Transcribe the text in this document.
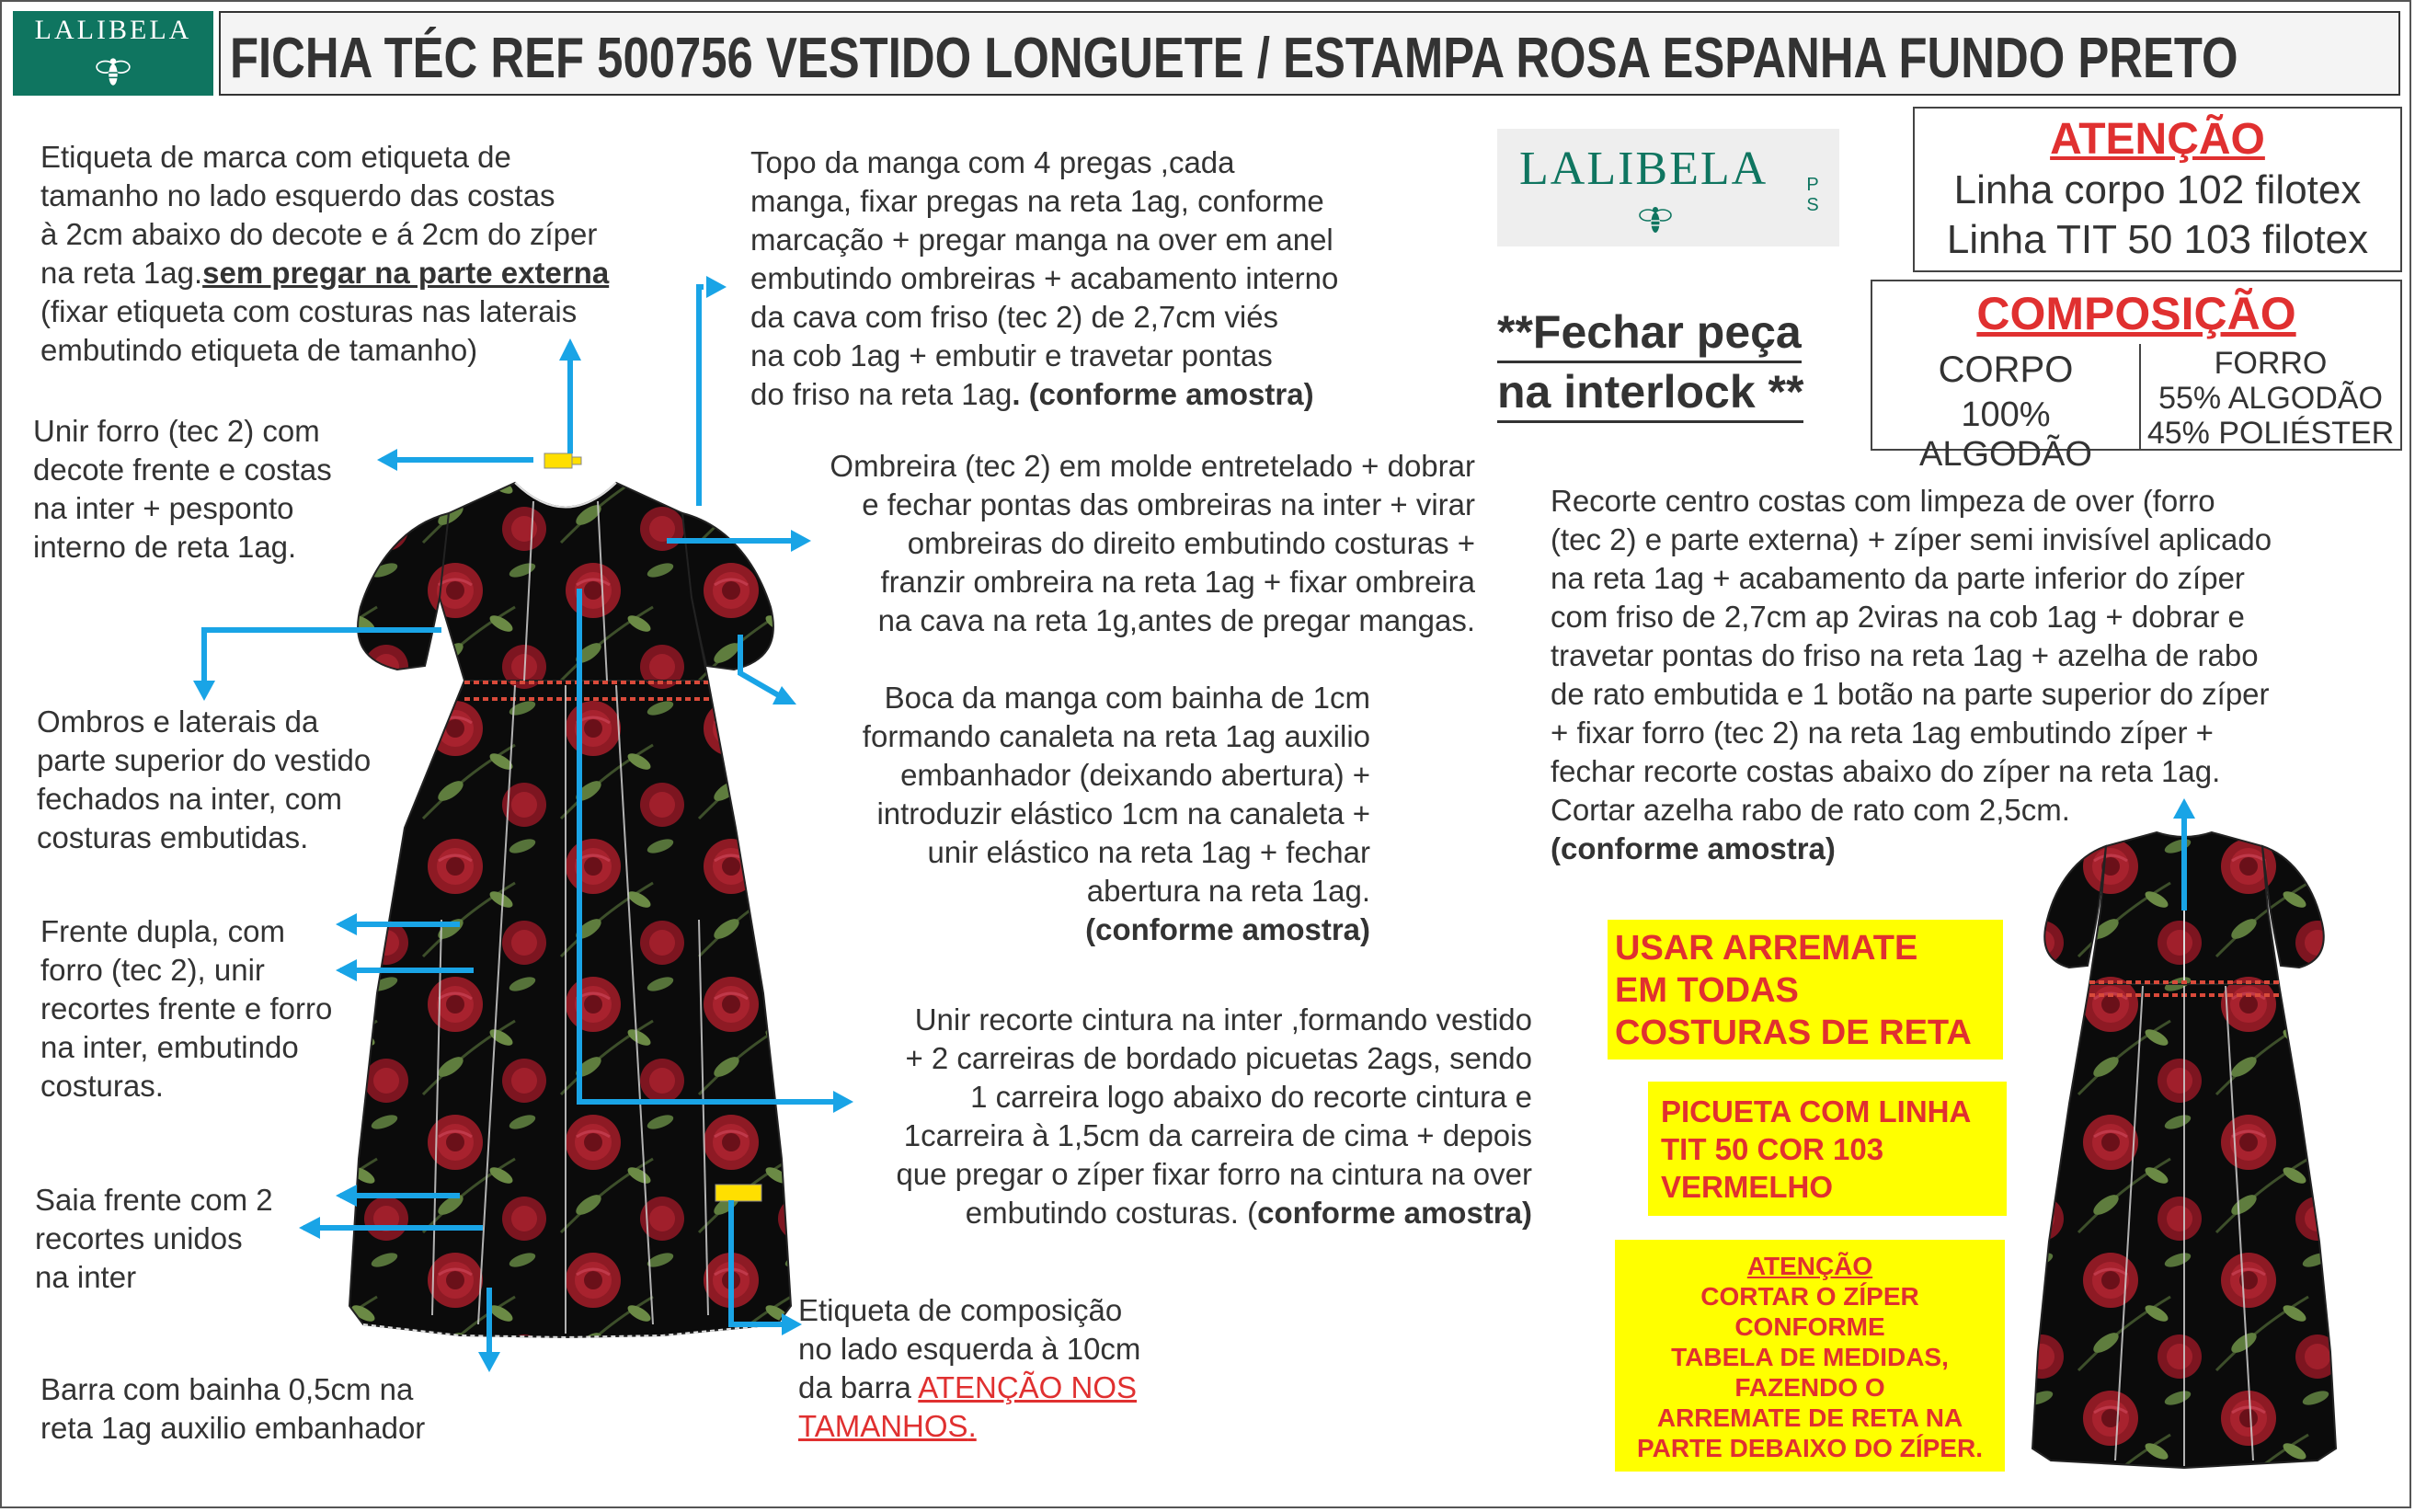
LALIBELA FICHA TÉC REF 500756 VESTIDO LONGUETE / ESTAMPA ROSA ESPANHA FUNDO PRETO
Etiqueta de marca com etiqueta de
tamanho no lado esquerdo das costas
à 2cm abaixo do decote e á 2cm do zíper
na reta 1ag.sem pregar na parte externa
(fixar etiqueta com costuras nas laterais
embutindo etiqueta de tamanho)
Unir forro (tec 2) com
decote frente e costas
na inter + pesponto
interno de reta 1ag.
Ombros e laterais da
parte superior do vestido
fechados na inter, com
costuras embutidas.
Frente dupla, com
forro (tec 2), unir
recortes frente e forro
na inter, embutindo
costuras.
Saia frente com 2
recortes unidos
na inter
Barra com bainha 0,5cm na
reta 1ag auxilio embanhador
Topo da manga com 4 pregas ,cada
manga, fixar pregas na reta 1ag, conforme
marcação + pregar manga na over em anel
embutindo ombreiras + acabamento interno
da cava com friso (tec 2) de 2,7cm viés
na cob 1ag + embutir e travetar pontas
do friso na reta 1ag. (conforme amostra)
Ombreira (tec 2) em molde entretelado + dobrar
e fechar pontas das ombreiras na inter + virar
ombreiras do direito embutindo costuras +
franzir ombreira na reta 1ag + fixar ombreira
na cava na reta 1g,antes de pregar mangas.
Boca da manga com bainha de 1cm
formando canaleta na reta 1ag auxilio
embanhador (deixando abertura) +
introduzir elástico 1cm na canaleta +
unir elástico na reta 1ag + fechar
abertura na reta 1ag.
(conforme amostra)
Unir recorte cintura na inter ,formando vestido
+ 2 carreiras de bordado picuetas 2ags, sendo
1 carreira logo abaixo do recorte cintura e
1carreira à 1,5cm da carreira de cima + depois
que pregar o zíper fixar forro na cintura na over
embutindo costuras. (conforme amostra)
Etiqueta de composição
no lado esquerda à 10cm
da barra ATENÇÃO NOS
TAMANHOS.
LALIBELA	P
S
**Fechar peça
na interlock **
ATENÇÃO
Linha corpo 102 filotex
Linha TIT 50 103 filotex
COMPOSIÇÃO
CORPO
100% ALGODÃO
FORRO
55% ALGODÃO
45% POLIÉSTER
Recorte centro costas com limpeza de over (forro
(tec 2) e parte externa) + zíper semi invisível aplicado
na reta 1ag + acabamento da parte inferior do zíper
com friso de 2,7cm ap 2viras na cob 1ag + dobrar e
travetar pontas do friso na reta 1ag + azelha de rabo
de rato embutida e 1 botão na parte superior do zíper
+ fixar forro (tec 2) na reta 1ag embutindo zíper +
fechar recorte costas abaixo do zíper na reta 1ag.
Cortar azelha rabo de rato com 2,5cm.
(conforme amostra)
USAR ARREMATE
EM TODAS
COSTURAS DE RETA
PICUETA COM LINHA
TIT 50 COR 103
VERMELHO
ATENÇÃO
CORTAR O ZÍPER
CONFORME
TABELA DE MEDIDAS,
FAZENDO O
ARREMATE DE RETA NA
PARTE DEBAIXO DO ZÍPER.
